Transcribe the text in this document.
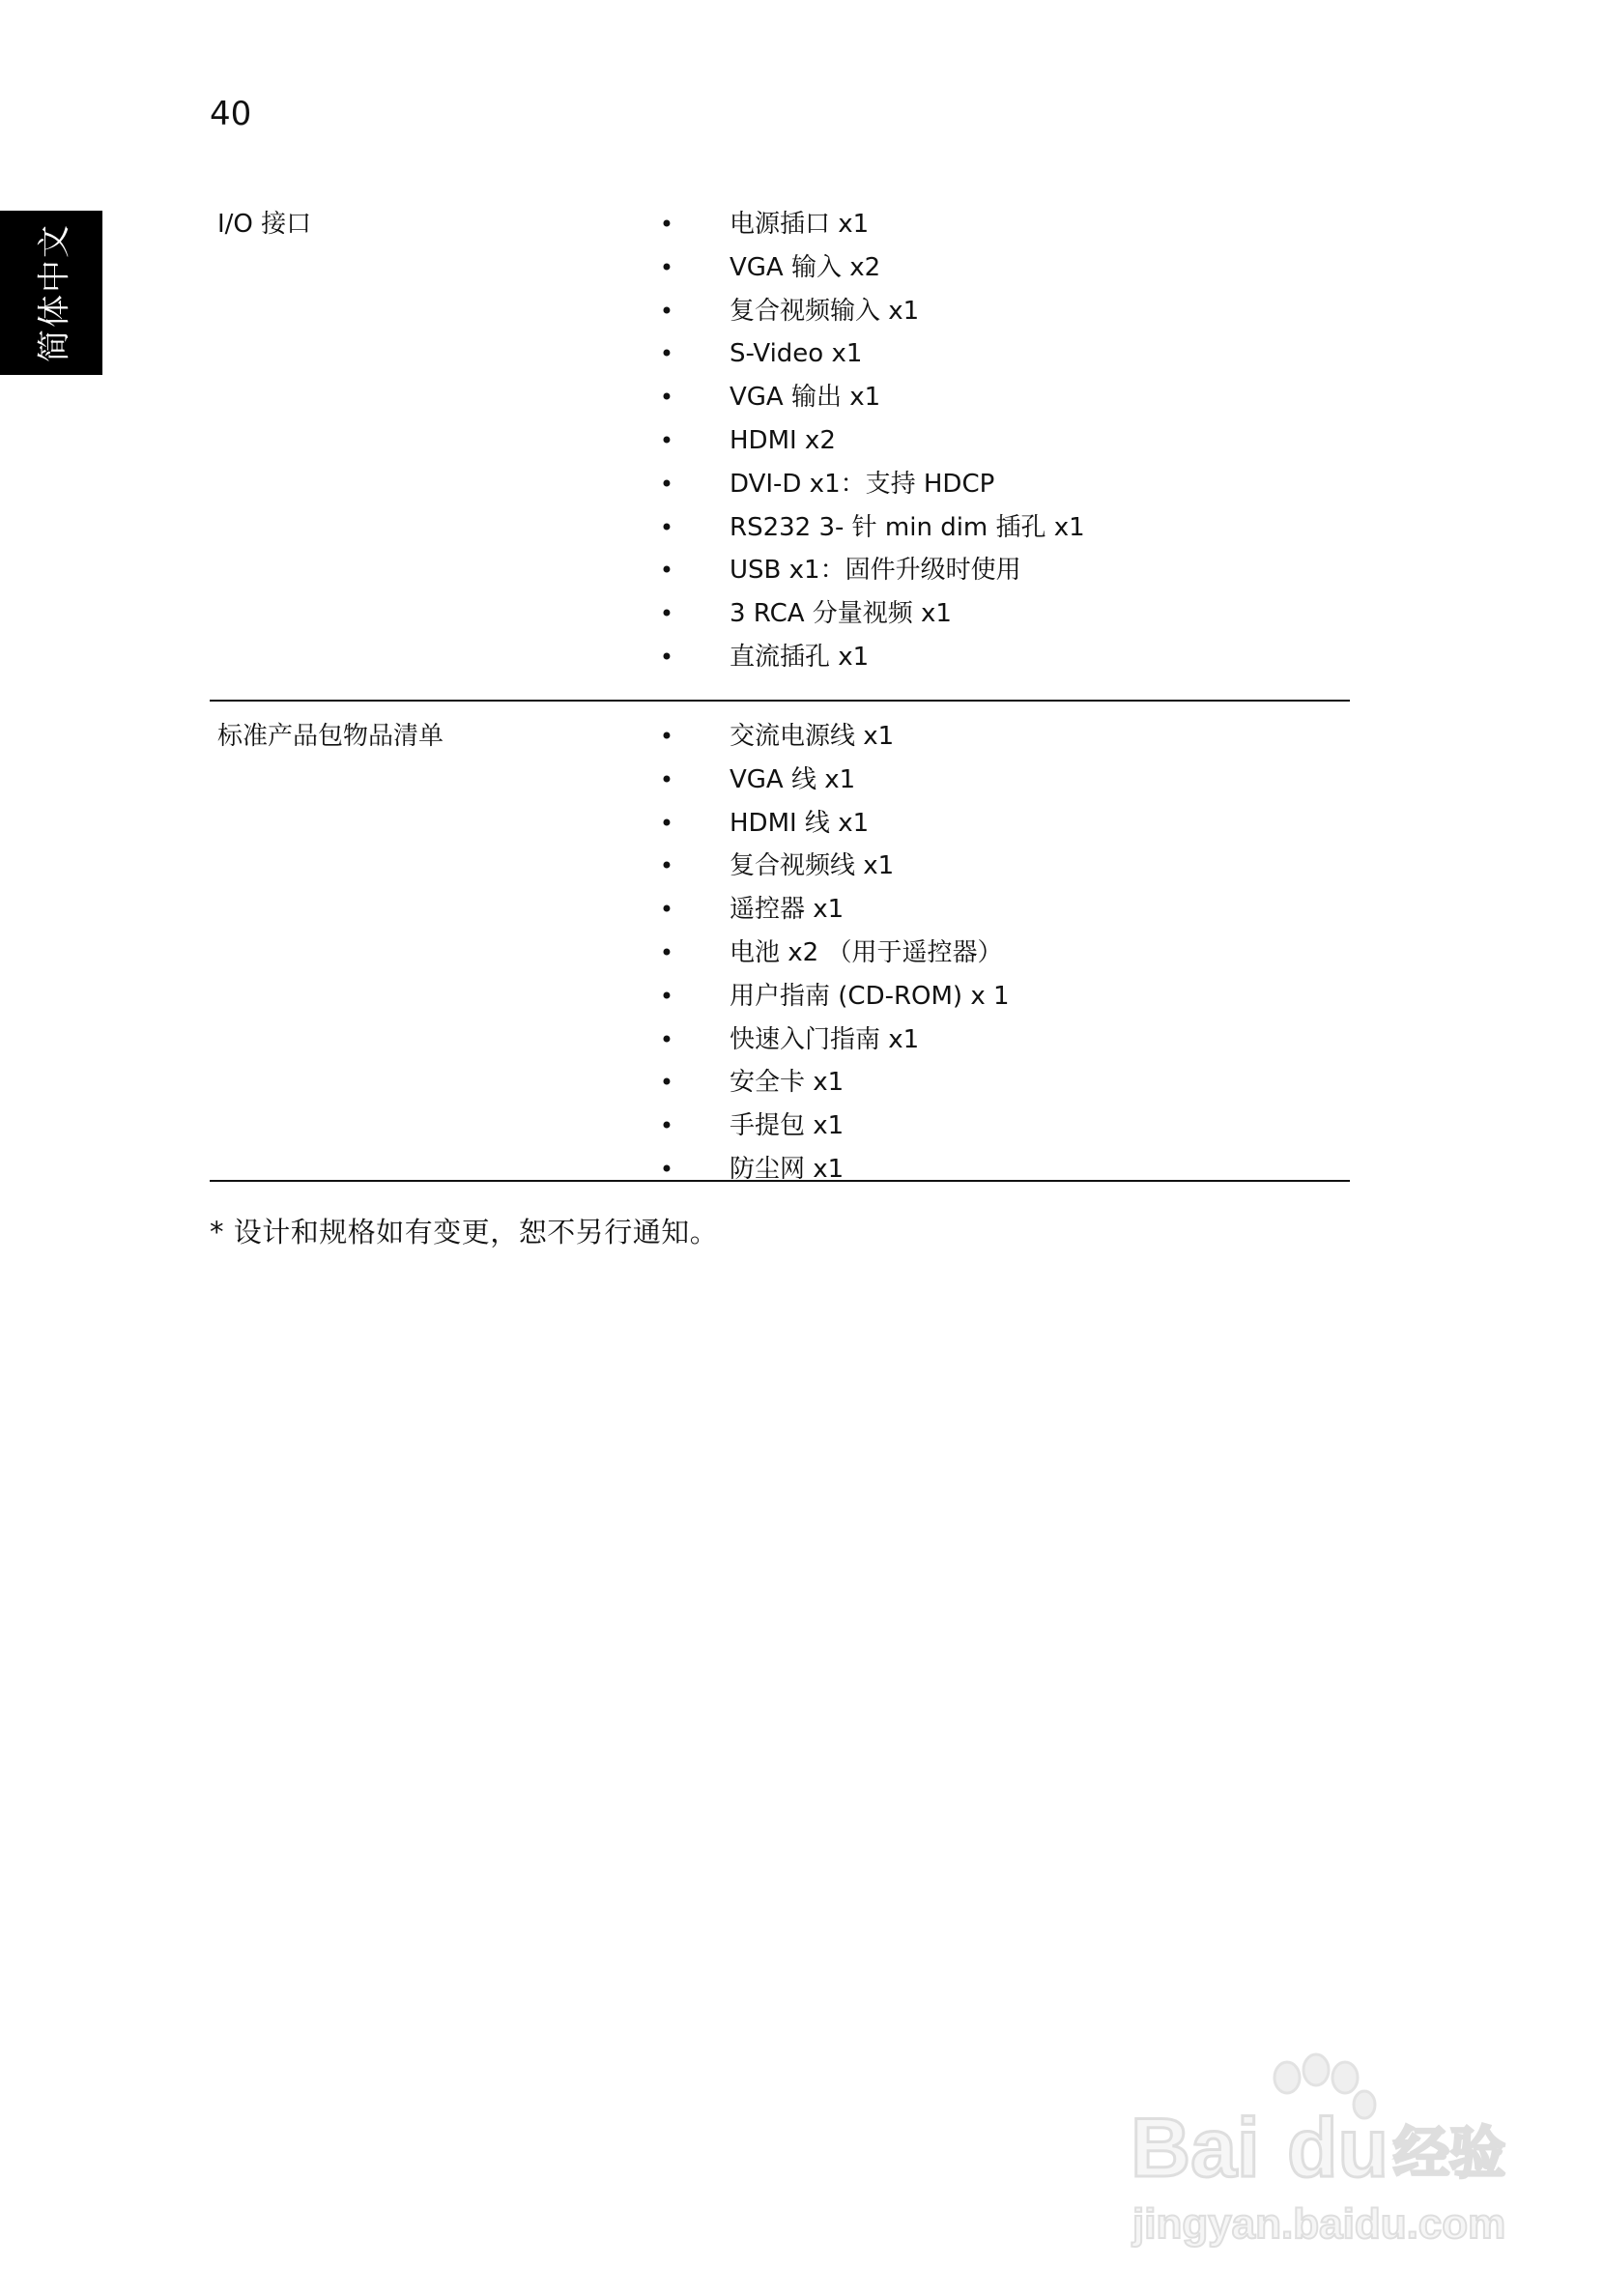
40
简体中文	I/O 接口	• 电源插口 x1
• VGA 输入 x2
• 复合视频输入 x1
• S-Video x1
• VGA 输出 x1
• HDMI x2
• DVI-D x1：支持 HDCP
• RS232 3- 针 min dim 插孔 x1
• USB x1：固件升级时使用
• 3 RCA 分量视频 x1
• 直流插孔 x1
标准产品包物品清单	• 交流电源线 x1
• VGA 线 x1
• HDMI 线 x1
• 复合视频线 x1
• 遥控器 x1
• 电池 x2 （用于遥控器）
• 用户指南 (CD-ROM) x 1
• 快速入门指南 x1
• 安全卡 x1
• 手提包 x1
• 防尘网 x1
* 设计和规格如有变更，恕不另行通知。
Bai du 经验
jingyan.baidu.com
